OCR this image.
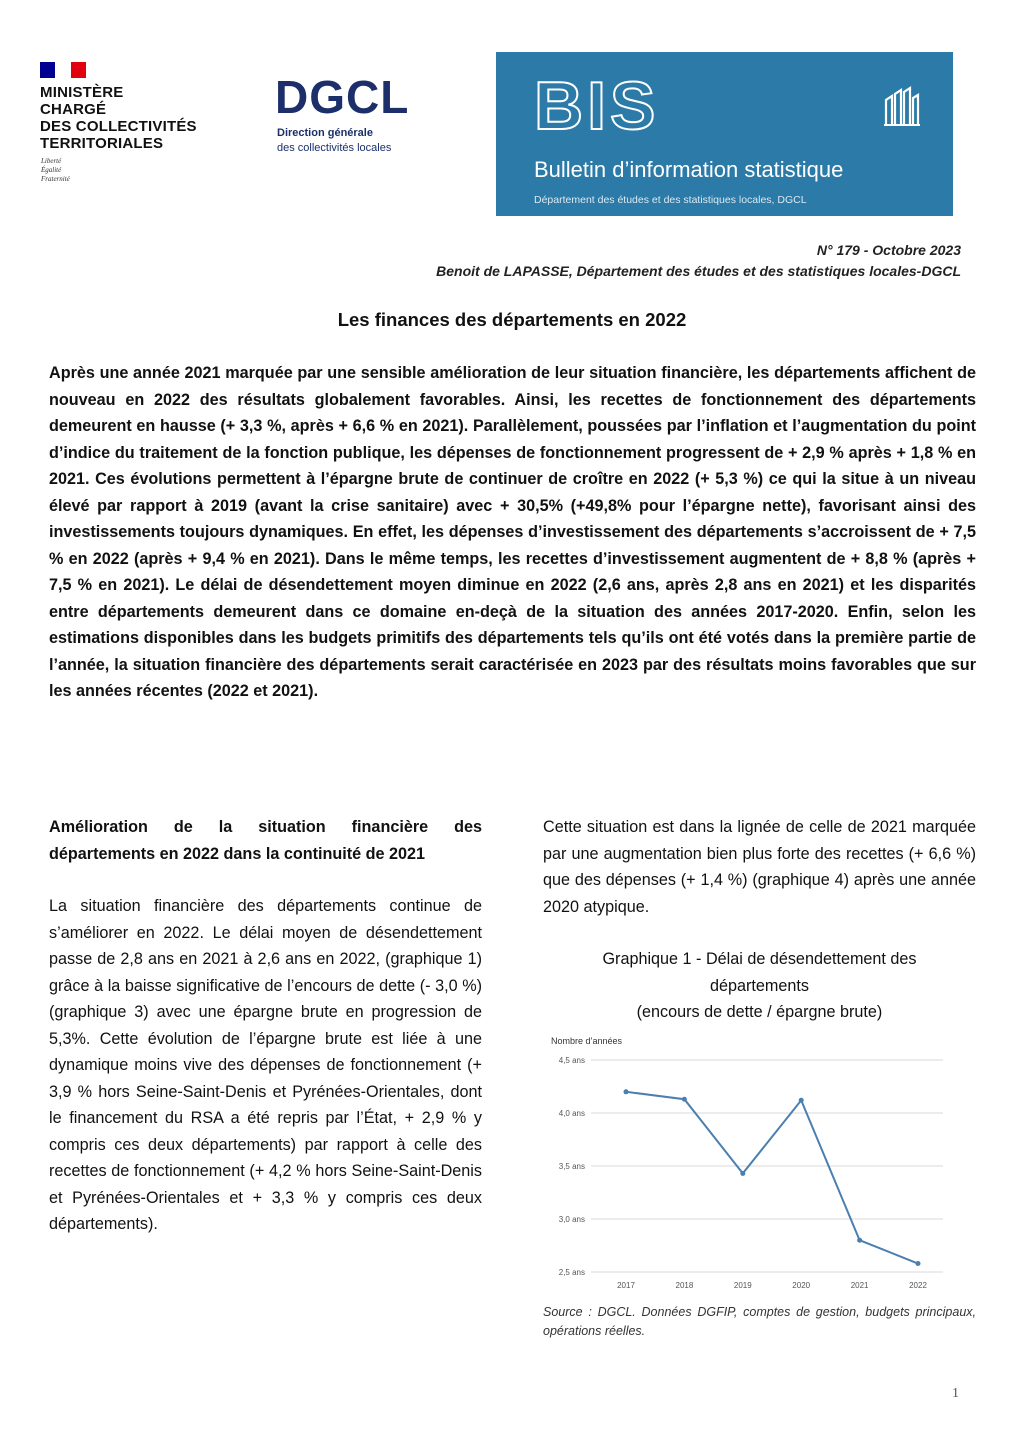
MINISTÈRE
CHARGÉ
DES COLLECTIVITÉS
TERRITORIALES
Liberté
Égalité
Fraternité
DGCL
Direction générale
des collectivités locales
BIS
Bulletin d’information statistique
Département des études et des statistiques locales, DGCL
N° 179 - Octobre 2023
Benoit de LAPASSE, Département des études et des statistiques locales-DGCL
Les finances des départements en 2022
Après une année 2021 marquée par une sensible amélioration de leur situation financière, les départements affichent de nouveau en 2022 des résultats globalement favorables. Ainsi, les recettes de fonctionnement des départements demeurent en hausse (+ 3,3 %, après + 6,6 % en 2021). Parallèlement, poussées par l’inflation et l’augmentation du point d’indice du traitement de la fonction publique, les dépenses de fonctionnement progressent de + 2,9 % après + 1,8 % en 2021. Ces évolutions permettent à l’épargne brute de continuer de croître en 2022 (+ 5,3 %) ce qui la situe à un niveau élevé par rapport à 2019 (avant la crise sanitaire) avec + 30,5% (+49,8% pour l’épargne nette), favorisant ainsi des investissements toujours dynamiques. En effet, les dépenses d’investissement des départements s’accroissent de + 7,5 % en 2022 (après + 9,4 % en 2021). Dans le même temps, les recettes d’investissement augmentent de + 8,8 % (après + 7,5 % en 2021). Le délai de désendettement moyen diminue en 2022 (2,6 ans, après 2,8 ans en 2021) et les disparités entre départements demeurent dans ce domaine en-deçà de la situation des années 2017-2020. Enfin, selon les estimations disponibles dans les budgets primitifs des départements tels qu’ils ont été votés dans la première partie de l’année, la situation financière des départements serait caractérisée en 2023 par des résultats moins favorables que sur les années récentes (2022 et 2021).

Amélioration de la situation financière des départements en 2022 dans la continuité de 2021

La situation financière des départements continue de s’améliorer en 2022. Le délai moyen de désendettement passe de 2,8 ans en 2021 à 2,6 ans en 2022, (graphique 1) grâce à la baisse significative de l’encours de dette (- 3,0 %) (graphique 3) avec une épargne brute en progression de 5,3%. Cette évolution de l’épargne brute est liée à une dynamique moins vive des dépenses de fonctionnement (+ 3,9 % hors Seine-Saint-Denis et Pyrénées-Orientales, dont le financement du RSA a été repris par l’État, + 2,9 % y compris ces deux départements) par rapport à celle des recettes de fonctionnement (+ 4,2 % hors Seine-Saint-Denis et Pyrénées-Orientales et + 3,3 % y compris ces deux départements).

Cette situation est dans la lignée de celle de 2021 marquée par une augmentation bien plus forte des recettes (+ 6,6 %) que des dépenses (+ 1,4 %) (graphique 4) après une année 2020 atypique.

Graphique 1 - Délai de désendettement des
départements
(encours de dette / épargne brute)
Nombre d’années
2,5 ans
3,0 ans
3,5 ans
4,0 ans
4,5 ans
2017	2018	2019	2020	2021	2022
Source : DGCL. Données DGFIP, comptes de gestion, budgets principaux, opérations réelles.
1
